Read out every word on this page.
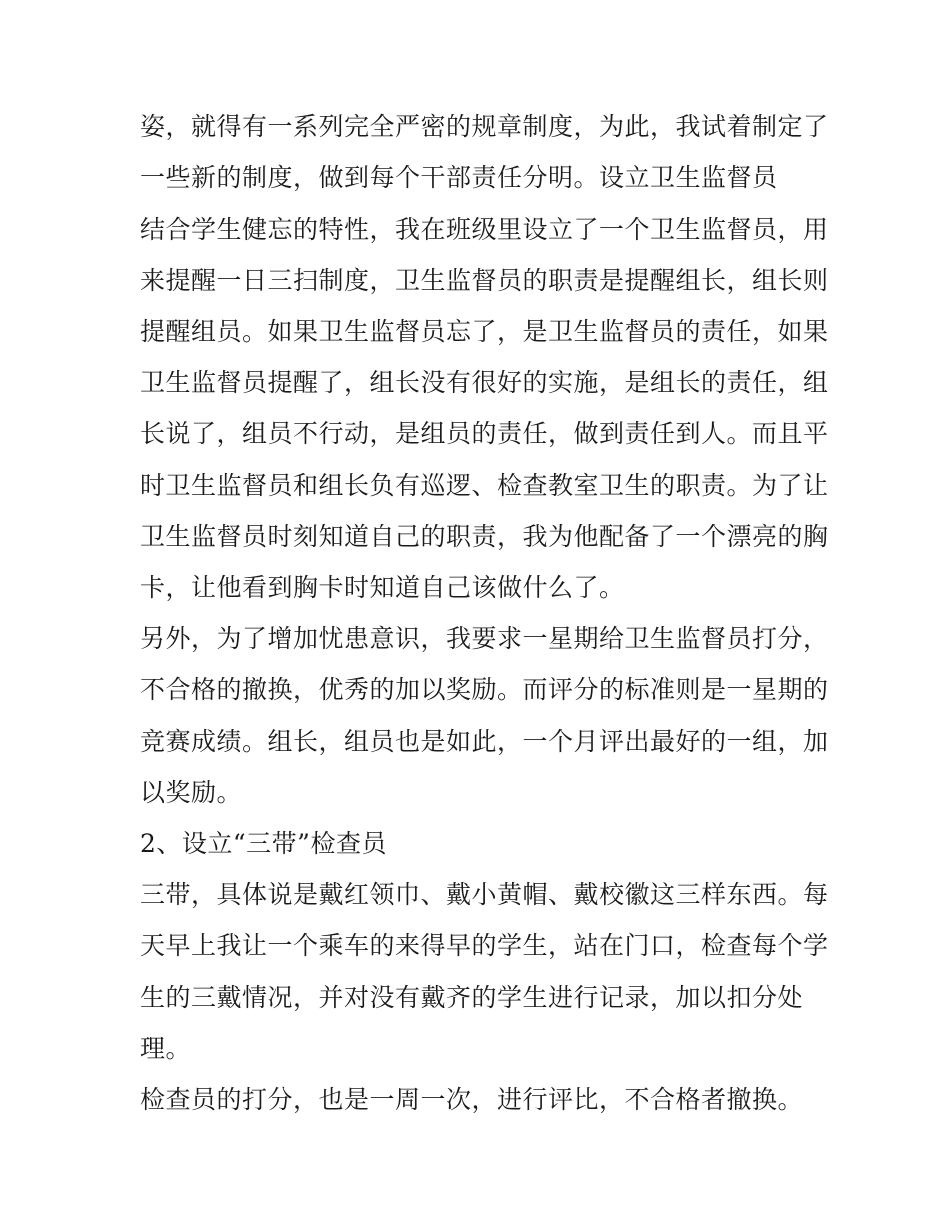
姿，就得有一系列完全严密的规章制度，为此，我试着制定了
一些新的制度，做到每个干部责任分明。设立卫生监督员
结合学生健忘的特性，我在班级里设立了一个卫生监督员，用
来提醒一日三扫制度，卫生监督员的职责是提醒组长，组长则
提醒组员。如果卫生监督员忘了，是卫生监督员的责任，如果
卫生监督员提醒了，组长没有很好的实施，是组长的责任，组
长说了，组员不行动，是组员的责任，做到责任到人。而且平
时卫生监督员和组长负有巡逻、检查教室卫生的职责。为了让
卫生监督员时刻知道自己的职责，我为他配备了一个漂亮的胸
卡，让他看到胸卡时知道自己该做什么了。
另外，为了增加忧患意识，我要求一星期给卫生监督员打分，
不合格的撤换，优秀的加以奖励。而评分的标准则是一星期的
竞赛成绩。组长，组员也是如此，一个月评出最好的一组，加
以奖励。
2、设立“三带”检查员
三带，具体说是戴红领巾、戴小黄帽、戴校徽这三样东西。每
天早上我让一个乘车的来得早的学生，站在门口，检查每个学
生的三戴情况，并对没有戴齐的学生进行记录，加以扣分处
理。
检查员的打分，也是一周一次，进行评比，不合格者撤换。
